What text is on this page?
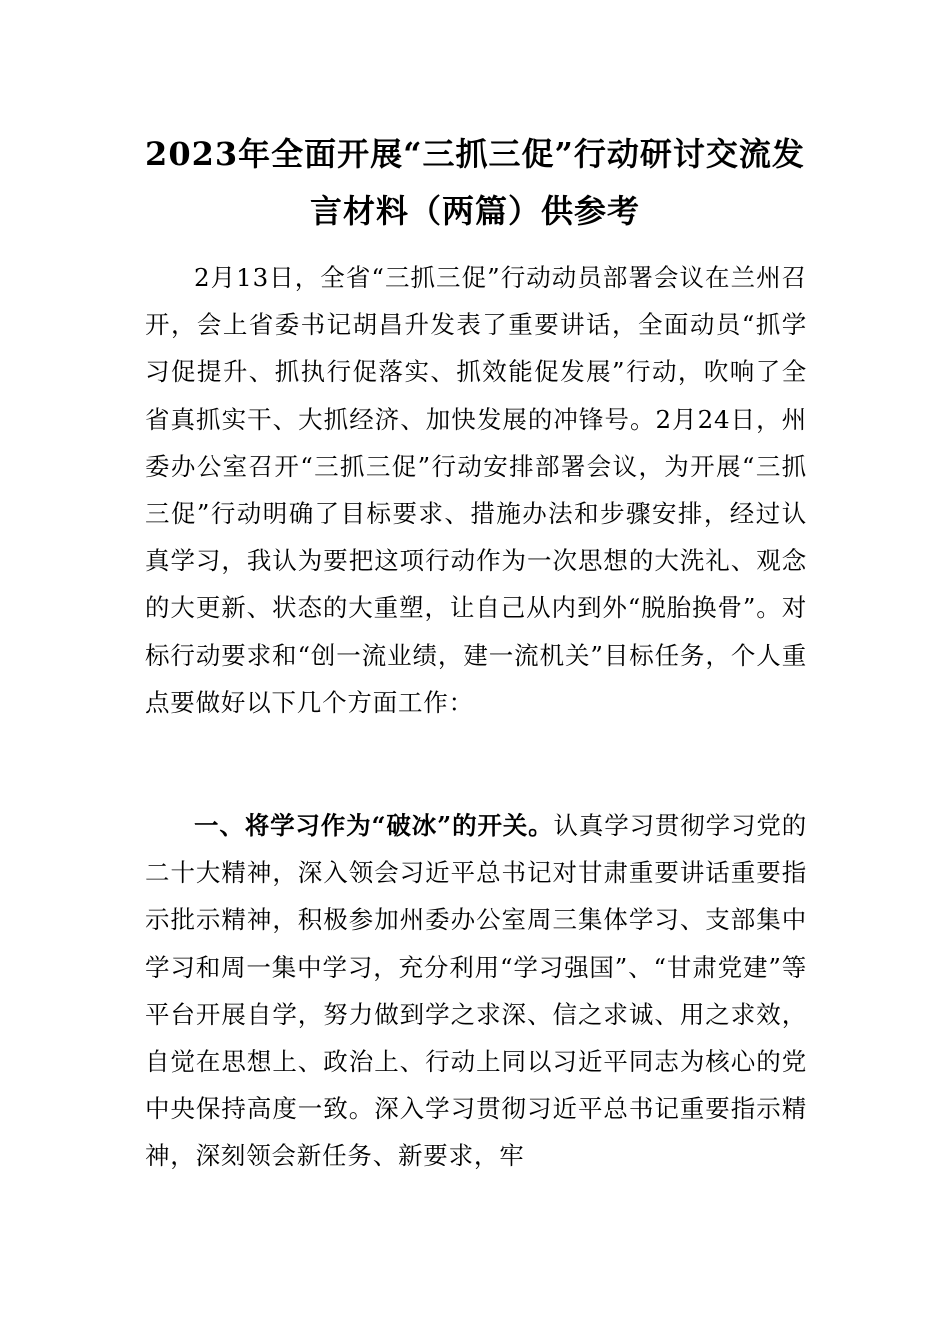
2023年全面开展“三抓三促”行动研讨交流发言材料（两篇）供参考

2月13日，全省“三抓三促”行动动员部署会议在兰州召开，会上省委书记胡昌升发表了重要讲话，全面动员“抓学习促提升、抓执行促落实、抓效能促发展”行动，吹响了全省真抓实干、大抓经济、加快发展的冲锋号。2月24日，州委办公室召开“三抓三促”行动安排部署会议，为开展“三抓三促”行动明确了目标要求、措施办法和步骤安排，经过认真学习，我认为要把这项行动作为一次思想的大洗礼、观念的大更新、状态的大重塑，让自己从内到外“脱胎换骨”。对标行动要求和“创一流业绩，建一流机关”目标任务，个人重点要做好以下几个方面工作：

一、将学习作为“破冰”的开关。认真学习贯彻学习党的二十大精神，深入领会习近平总书记对甘肃重要讲话重要指示批示精神，积极参加州委办公室周三集体学习、支部集中学习和周一集中学习，充分利用“学习强国”、“甘肃党建”等平台开展自学，努力做到学之求深、信之求诚、用之求效，自觉在思想上、政治上、行动上同以习近平同志为核心的党中央保持高度一致。深入学习贯彻习近平总书记重要指示精神，深刻领会新任务、新要求，牢
